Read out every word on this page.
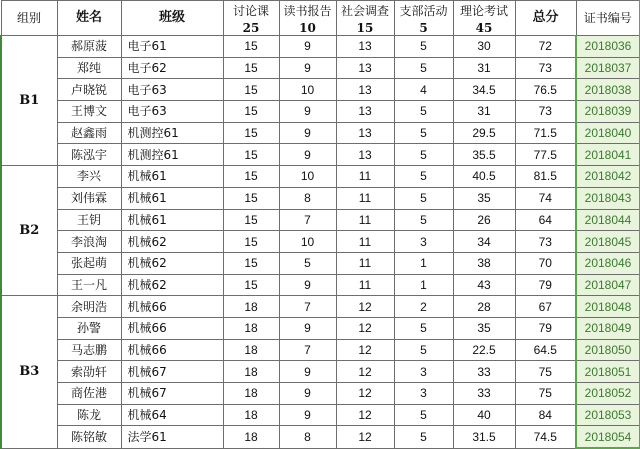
组别	姓名	班级	讨论课	读书报告	社会调查	支部活动	理论考试	总分	证书编号
			25	10	15	5	45		
B1	郝原菠	电子61	15	9	13	5	30	72	2018036
	郑纯	电子62	15	9	13	5	31	73	2018037
	卢晓锐	电子63	15	10	13	4	34.5	76.5	2018038
	王博文	电子63	15	9	13	5	31	73	2018039
	赵鑫雨	机测控61	15	9	13	5	29.5	71.5	2018040
	陈泓宇	机测控61	15	9	13	5	35.5	77.5	2018041
B2	李兴	机械61	15	10	11	5	40.5	81.5	2018042
	刘伟霖	机械61	15	8	11	5	35	74	2018043
	王钥	机械61	15	7	11	5	26	64	2018044
	李浪淘	机械62	15	10	11	3	34	73	2018045
	张起萌	机械62	15	5	11	1	38	70	2018046
	王一凡	机械62	15	9	11	1	43	79	2018047
B3	余明浩	机械66	18	7	12	2	28	67	2018048
	孙警	机械66	18	9	12	5	35	79	2018049
	马志鹏	机械66	18	7	12	5	22.5	64.5	2018050
	索劭轩	机械67	18	9	12	3	33	75	2018051
	商佐港	机械67	18	9	12	3	33	75	2018052
	陈龙	机械64	18	9	12	5	40	84	2018053
	陈铭敏	法学61	18	8	12	5	31.5	74.5	2018054
